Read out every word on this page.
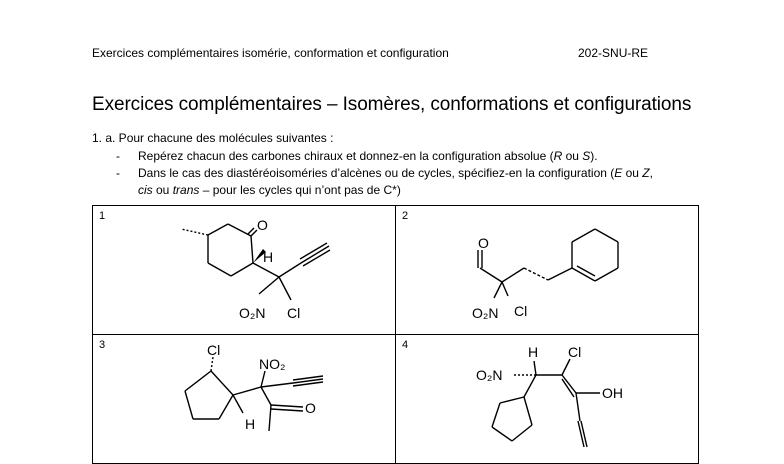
Exercices complémentaires isomérie, conformation et configuration	202-SNU-RE
Exercices complémentaires – Isomères, conformations et configurations
1. a. Pour chacune des molécules suivantes :
- Repérez chacun des carbones chiraux et donnez-en la configuration absolue (R ou S).
- Dans le cas des diastéréoisoméries d’alcènes ou de cycles, spécifiez-en la configuration (E ou Z,
cis ou trans – pour les cycles qui n’ont pas de C*)
1
O
H
O₂N Cl	2
O
O₂N Cl

3 Cl
NO₂
O
H	4 H Cl
O₂N
OH
